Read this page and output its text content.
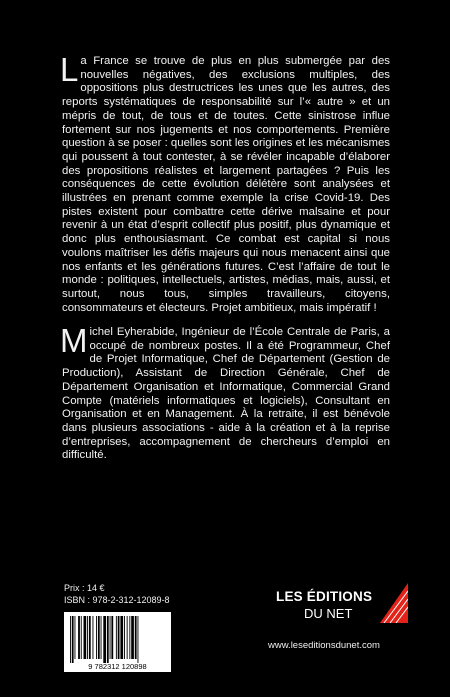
La France se trouve de plus en plus submergée par des nouvelles négatives, des exclusions multiples, des oppositions plus destructrices les unes que les autres, des reports systématiques de responsabilité sur l’« autre » et un mépris de tout, de tous et de toutes. Cette sinistrose influe fortement sur nos jugements et nos comportements. Première question à se poser : quelles sont les origines et les mécanismes qui poussent à tout contester, à se révéler incapable d’élaborer des propositions réalistes et largement partagées ? Puis les conséquences de cette évolution délétère sont analysées et illustrées en prenant comme exemple la crise Covid-19. Des pistes existent pour combattre cette dérive malsaine et pour revenir à un état d’esprit collectif plus positif, plus dynamique et donc plus enthousiasmant. Ce combat est capital si nous voulons maîtriser les défis majeurs qui nous menacent ainsi que nos enfants et les générations futures. C’est l’affaire de tout le monde : politiques, intellectuels, artistes, médias, mais, aussi, et surtout, nous tous, simples travailleurs, citoyens, consommateurs et électeurs. Projet ambitieux, mais impératif !

Michel Eyherabide, Ingénieur de l’École Centrale de Paris, a occupé de nombreux postes. Il a été Programmeur, Chef de Projet Informatique, Chef de Département (Gestion de Production), Assistant de Direction Générale, Chef de Département Organisation et Informatique, Commercial Grand Compte (matériels informatiques et logiciels), Consultant en Organisation et en Management. À la retraite, il est bénévole dans plusieurs associations - aide à la création et à la reprise d’entreprises, accompagnement de chercheurs d’emploi en difficulté.

Prix : 14 €
ISBN : 978-2-312-12089-8
9 782312 120898
LES ÉDITIONS
DU NET
www.leseditionsdunet.com
